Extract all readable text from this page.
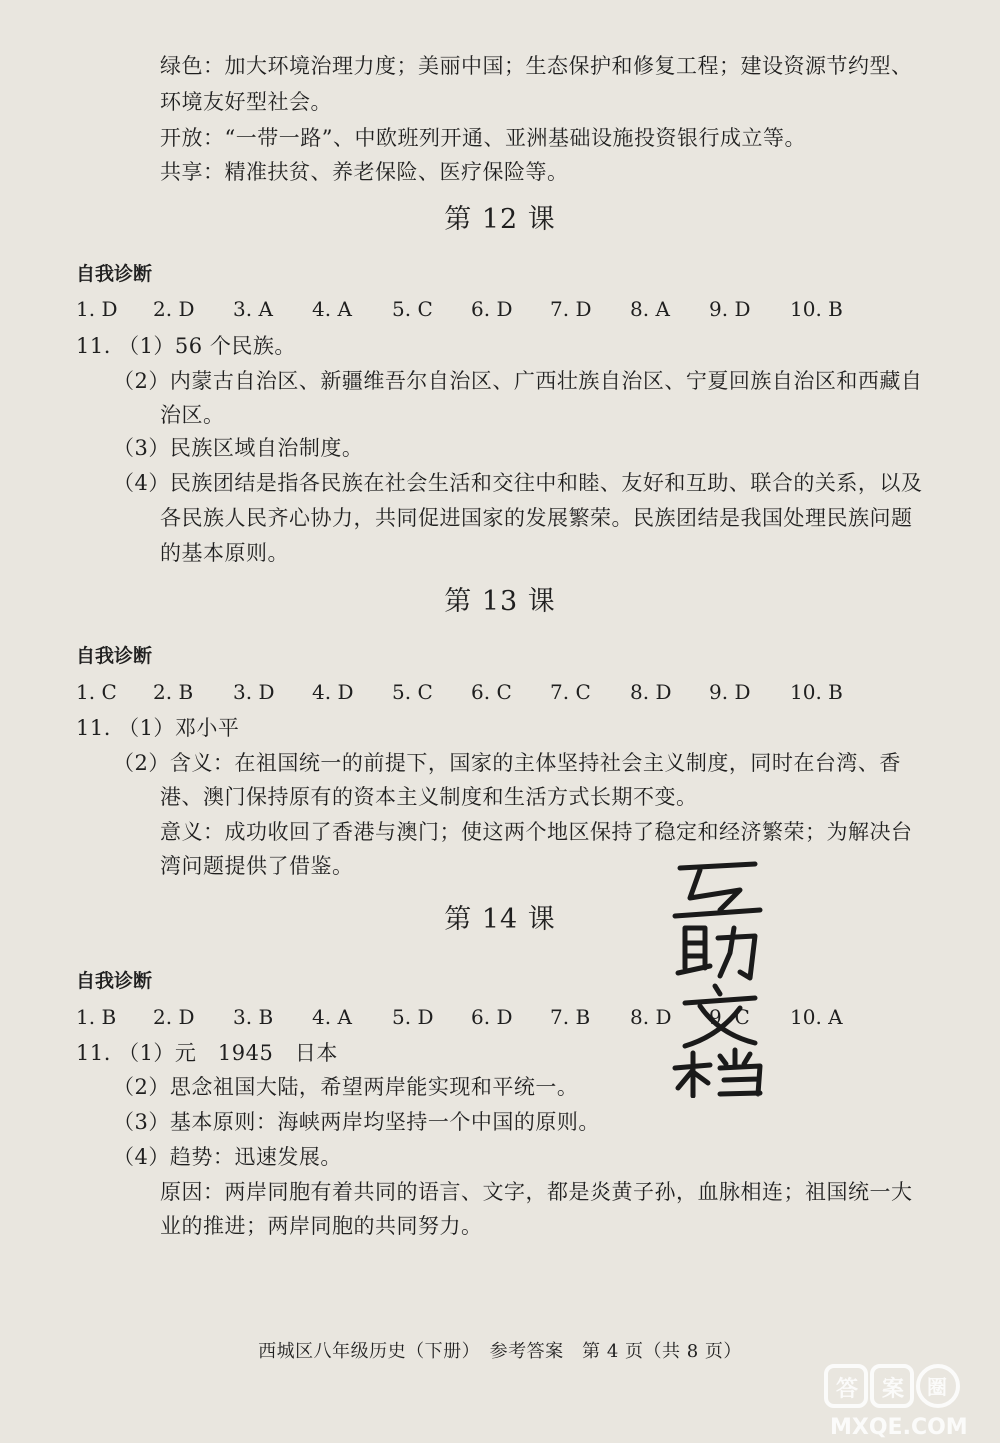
绿色：加大环境治理力度；美丽中国；生态保护和修复工程；建设资源节约型、
环境友好型社会。
开放：“一带一路”、中欧班列开通、亚洲基础设施投资银行成立等。
共享：精准扶贫、养老保险、医疗保险等。
第 12 课
自我诊断
1. D 2. D 3. A 4. A 5. C 6. D 7. D 8. A 9. D 10. B
11. （1）56 个民族。
（2）内蒙古自治区、新疆维吾尔自治区、广西壮族自治区、宁夏回族自治区和西藏自
治区。
（3）民族区域自治制度。
（4）民族团结是指各民族在社会生活和交往中和睦、友好和互助、联合的关系，以及
各民族人民齐心协力，共同促进国家的发展繁荣。民族团结是我国处理民族问题
的基本原则。
第 13 课
自我诊断
1. C 2. B 3. D 4. D 5. C 6. C 7. C 8. D 9. D 10. B
11. （1）邓小平
（2）含义：在祖国统一的前提下，国家的主体坚持社会主义制度，同时在台湾、香
港、澳门保持原有的资本主义制度和生活方式长期不变。
意义：成功收回了香港与澳门；使这两个地区保持了稳定和经济繁荣；为解决台
湾问题提供了借鉴。
第 14 课
自我诊断
1. B 2. D 3. B 4. A 5. D 6. D 7. B 8. D 9. C 10. A
11. （1）元　1945　日本
（2）思念祖国大陆，希望两岸能实现和平统一。
（3）基本原则：海峡两岸均坚持一个中国的原则。
（4）趋势：迅速发展。
原因：两岸同胞有着共同的语言、文字，都是炎黄子孙，血脉相连；祖国统一大
业的推进；两岸同胞的共同努力。
西城区八年级历史（下册）　参考答案　第 4 页（共 8 页）
答 案 圈
MXQE.COM
